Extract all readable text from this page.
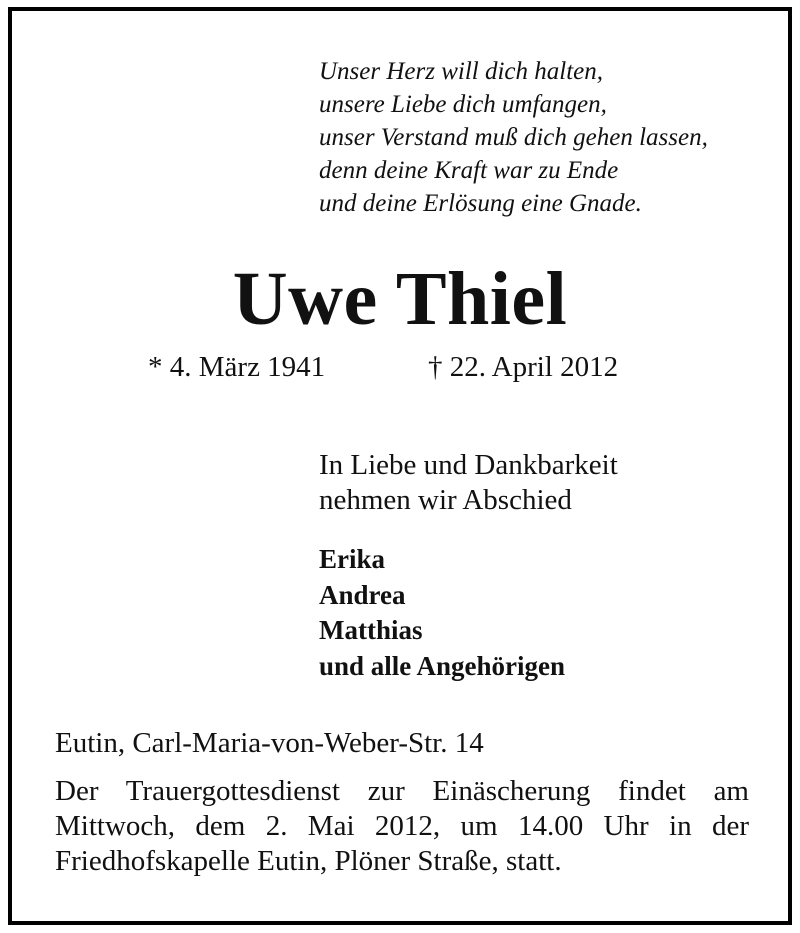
Unser Herz will dich halten,
unsere Liebe dich umfangen,
unser Verstand muß dich gehen lassen,
denn deine Kraft war zu Ende
und deine Erlösung eine Gnade.
Uwe Thiel
* 4. März 1941	† 22. April 2012
In Liebe und Dankbarkeit
nehmen wir Abschied
Erika
Andrea
Matthias
und alle Angehörigen
Eutin, Carl-Maria-von-Weber-Str. 14
Der Trauergottesdienst zur Einäscherung findet am Mittwoch, dem 2. Mai 2012, um 14.00 Uhr in der Friedhofskapelle Eutin, Plöner Straße, statt.
